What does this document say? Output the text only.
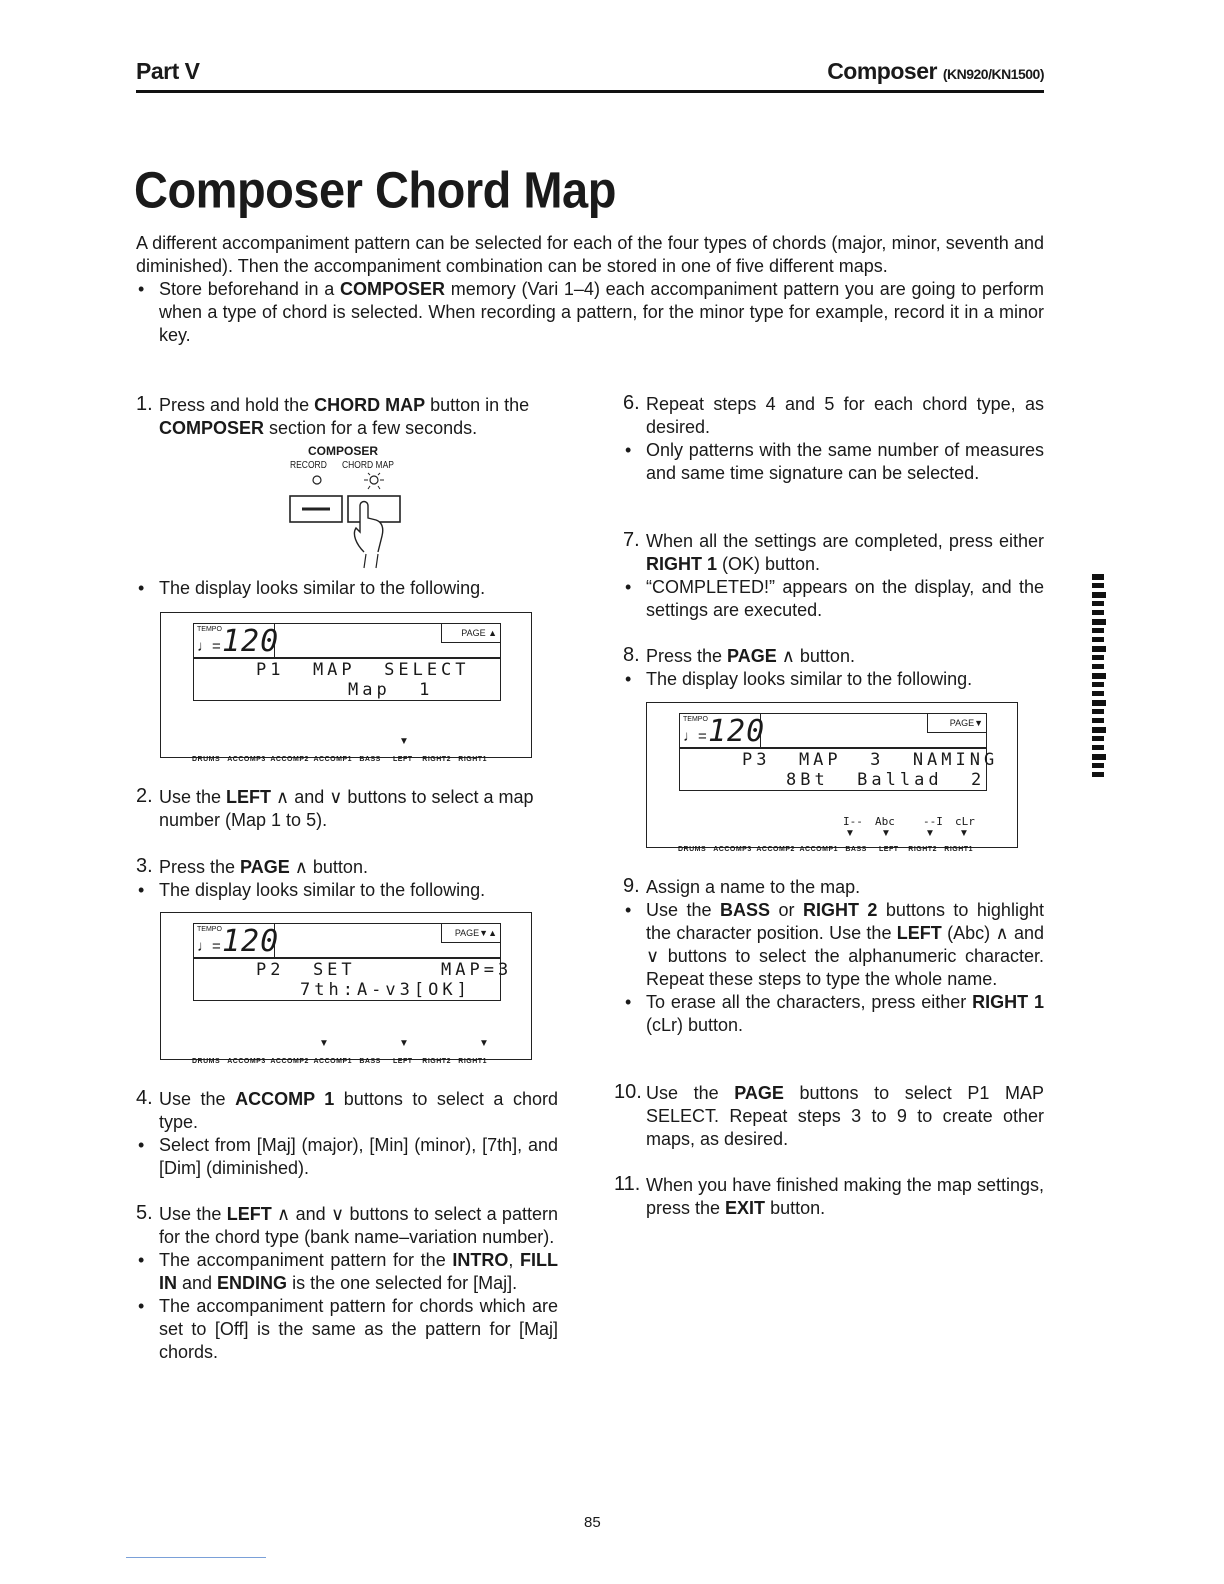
Part V	Composer (KN920/KN1500)
Composer Chord Map

A different accompaniment pattern can be selected for each of the four types of chords (major, minor, seventh and diminished). Then the accompaniment combination can be stored in one of five different maps.

• Store beforehand in a COMPOSER memory (Vari 1–4) each accompaniment pattern you are going to perform when a type of chord is selected. When recording a pattern, for the minor type for example, record it in a minor key.

1. Press and hold the CHORD MAP button in the COMPOSER section for a few seconds.

COMPOSER
RECORD CHORD MAP

• The display looks similar to the following.

TEMPO
♩= 120	PAGE ▲
P1  MAP  SELECT
Map  1
▼
DRUMS   ACCOMP3  ACCOMP2  ACCOMP1   BASS     LEFT    RIGHT2   RIGHT1

2. Use the LEFT ∧ and ∨ buttons to select a map number (Map 1 to 5).

3. Press the PAGE ∧ button.

• The display looks similar to the following.

TEMPO
♩= 120	PAGE▼▲
P2  SET      MAP=3
7th:A-v3[OK]
▼	▼	▼
DRUMS   ACCOMP3  ACCOMP2  ACCOMP1   BASS     LEFT    RIGHT2   RIGHT1

4. Use the ACCOMP 1 buttons to select a chord type.

• Select from [Maj] (major), [Min] (minor), [7th], and [Dim] (diminished).

5. Use the LEFT ∧ and ∨ buttons to select a pattern for the chord type (bank name–variation number).

• The accompaniment pattern for the INTRO, FILL IN and ENDING is the one selected for [Maj].

• The accompaniment pattern for chords which are set to [Off] is the same as the pattern for [Maj] chords.

6. Repeat steps 4 and 5 for each chord type, as desired.

• Only patterns with the same number of measures and same time signature can be selected.

7. When all the settings are completed, press either RIGHT 1 (OK) button.

• “COMPLETED!” appears on the display, and the settings are executed.

8. Press the PAGE ∧ button.

• The display looks similar to the following.

TEMPO
♩= 120	PAGE▼
P3  MAP  3  NAMING
8Bt  Ballad  2
I-- Abc	--I cLr
▼	▼	▼ ▼
DRUMS   ACCOMP3  ACCOMP2  ACCOMP1   BASS     LEFT    RIGHT2   RIGHT1

9. Assign a name to the map.

• Use the BASS or RIGHT 2 buttons to highlight the character position. Use the LEFT (Abc) ∧ and ∨ buttons to select the alphanumeric character. Repeat these steps to type the whole name.

• To erase all the characters, press either RIGHT 1 (cLr) button.

10. Use the PAGE buttons to select P1 MAP SELECT. Repeat steps 3 to 9 to create other maps, as desired.

11. When you have finished making the map settings, press the EXIT button.

85
